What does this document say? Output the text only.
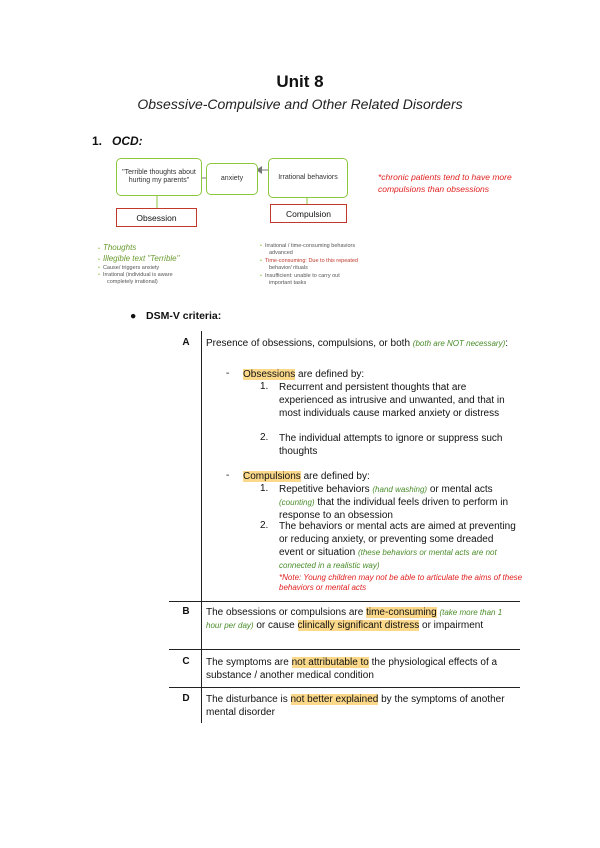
Unit 8
Obsessive-Compulsive and Other Related Disorders
1. OCD:
"Terrible thoughts about hurting my parents"	anxiety	Irrational behaviors
Obsession	Compulsion
• Thoughts
• Illegible text "Terrible"
• Cause/ triggers anxiety
• Irrational (individual is aware
completely irrational)
• Irrational / time-consuming behaviors
advanced
• Time-consuming: Due to this repeated
behavior/ rituals
• Insufficient: unable to carry out
important tasks
*chronic patients tend to have more
compulsions than obsessions
● DSM-V criteria:
A	Presence of obsessions, compulsions, or both (both are NOT necessary):
- Obsessions are defined by:
1. Recurrent and persistent thoughts that are experienced as intrusive and unwanted, and that in most individuals cause marked anxiety or distress
2. The individual attempts to ignore or suppress such thoughts
- Compulsions are defined by:
1. Repetitive behaviors (hand washing) or mental acts (counting) that the individual feels driven to perform in response to an obsession
2. The behaviors or mental acts are aimed at preventing or reducing anxiety, or preventing some dreaded event or situation (these behaviors or mental acts are not connected in a realistic way)
*Note: Young children may not be able to articulate the aims of these behaviors or mental acts
B	The obsessions or compulsions are time-consuming (take more than 1 hour per day) or cause clinically significant distress or impairment
C	The symptoms are not attributable to the physiological effects of a substance / another medical condition
D	The disturbance is not better explained by the symptoms of another mental disorder
